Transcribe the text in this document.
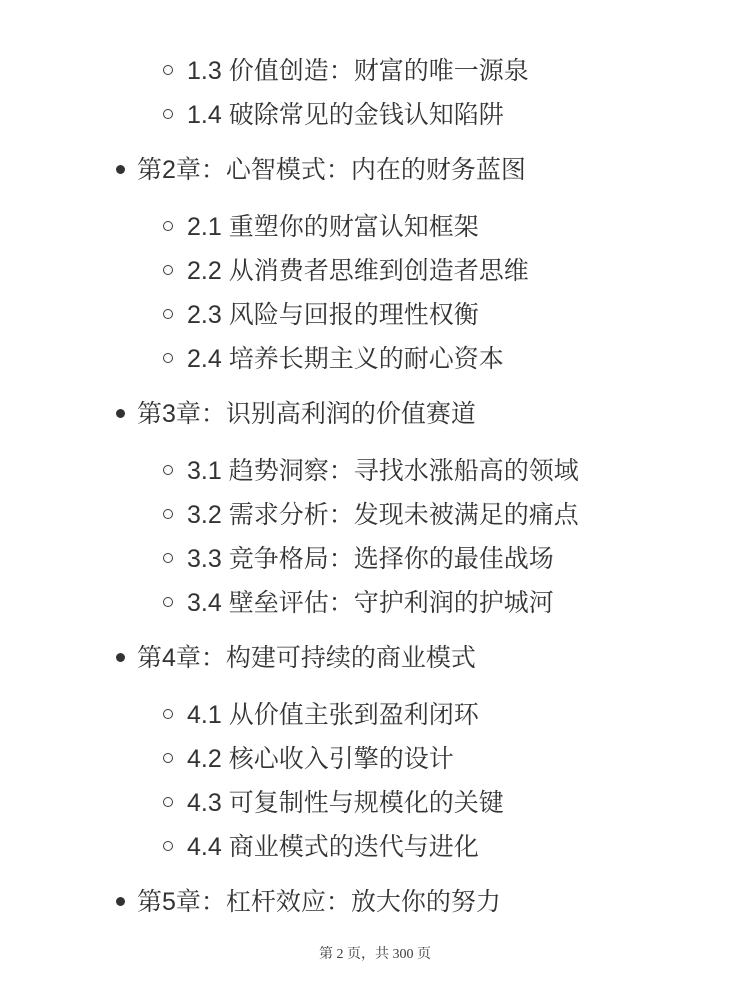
1.3 价值创造：财富的唯一源泉
1.4 破除常见的金钱认知陷阱
第2章：心智模式：内在的财务蓝图
2.1 重塑你的财富认知框架
2.2 从消费者思维到创造者思维
2.3 风险与回报的理性权衡
2.4 培养长期主义的耐心资本
第3章：识别高利润的价值赛道
3.1 趋势洞察：寻找水涨船高的领域
3.2 需求分析：发现未被满足的痛点
3.3 竞争格局：选择你的最佳战场
3.4 壁垒评估：守护利润的护城河
第4章：构建可持续的商业模式
4.1 从价值主张到盈利闭环
4.2 核心收入引擎的设计
4.3 可复制性与规模化的关键
4.4 商业模式的迭代与进化
第5章：杠杆效应：放大你的努力
第 2 页，共 300 页
